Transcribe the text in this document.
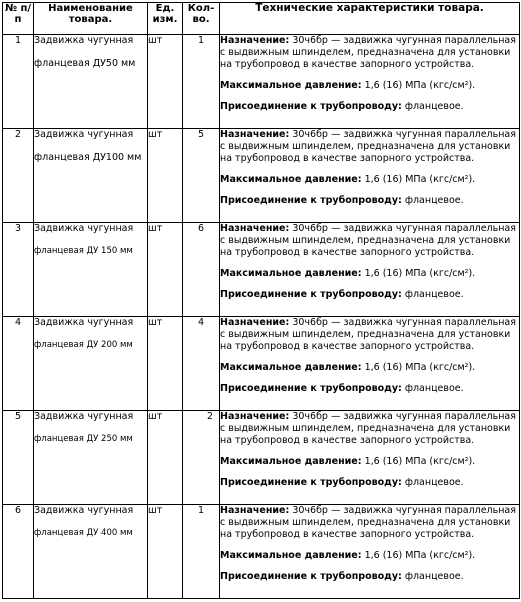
№ п/п	Наименование товара.	Ед. изм.	Кол-во.	Технические характеристики товара.
1	Задвижка чугунная
фланцевая ДУ50 мм	шт	1	Назначение: 30ч6бр — задвижка чугунная параллельная с выдвижным шпинделем, предназначена для установки на трубопровод в качестве запорного устройства.
Максимальное давление: 1,6 (16) МПа (кгс/см²).
Присоединение к трубопроводу: фланцевое.

2	Задвижка чугунная
фланцевая ДУ100 мм	шт	5	Назначение: 30ч6бр — задвижка чугунная параллельная с выдвижным шпинделем, предназначена для установки на трубопровод в качестве запорного устройства.
Максимальное давление: 1,6 (16) МПа (кгс/см²).
Присоединение к трубопроводу: фланцевое.

3	Задвижка чугунная
фланцевая ДУ 150 мм	шт	6	Назначение: 30ч6бр — задвижка чугунная параллельная с выдвижным шпинделем, предназначена для установки на трубопровод в качестве запорного устройства.
Максимальное давление: 1,6 (16) МПа (кгс/см²).
Присоединение к трубопроводу: фланцевое.

4	Задвижка чугунная
фланцевая ДУ 200 мм	шт	4	Назначение: 30ч6бр — задвижка чугунная параллельная с выдвижным шпинделем, предназначена для установки на трубопровод в качестве запорного устройства.
Максимальное давление: 1,6 (16) МПа (кгс/см²).
Присоединение к трубопроводу: фланцевое.

5	Задвижка чугунная
фланцевая ДУ 250 мм	шт	2	Назначение: 30ч6бр — задвижка чугунная параллельная с выдвижным шпинделем, предназначена для установки на трубопровод в качестве запорного устройства.
Максимальное давление: 1,6 (16) МПа (кгс/см²).
Присоединение к трубопроводу: фланцевое.

6	Задвижка чугунная
фланцевая ДУ 400 мм	шт	1	Назначение: 30ч6бр — задвижка чугунная параллельная с выдвижным шпинделем, предназначена для установки на трубопровод в качестве запорного устройства.
Максимальное давление: 1,6 (16) МПа (кгс/см²).
Присоединение к трубопроводу: фланцевое.
